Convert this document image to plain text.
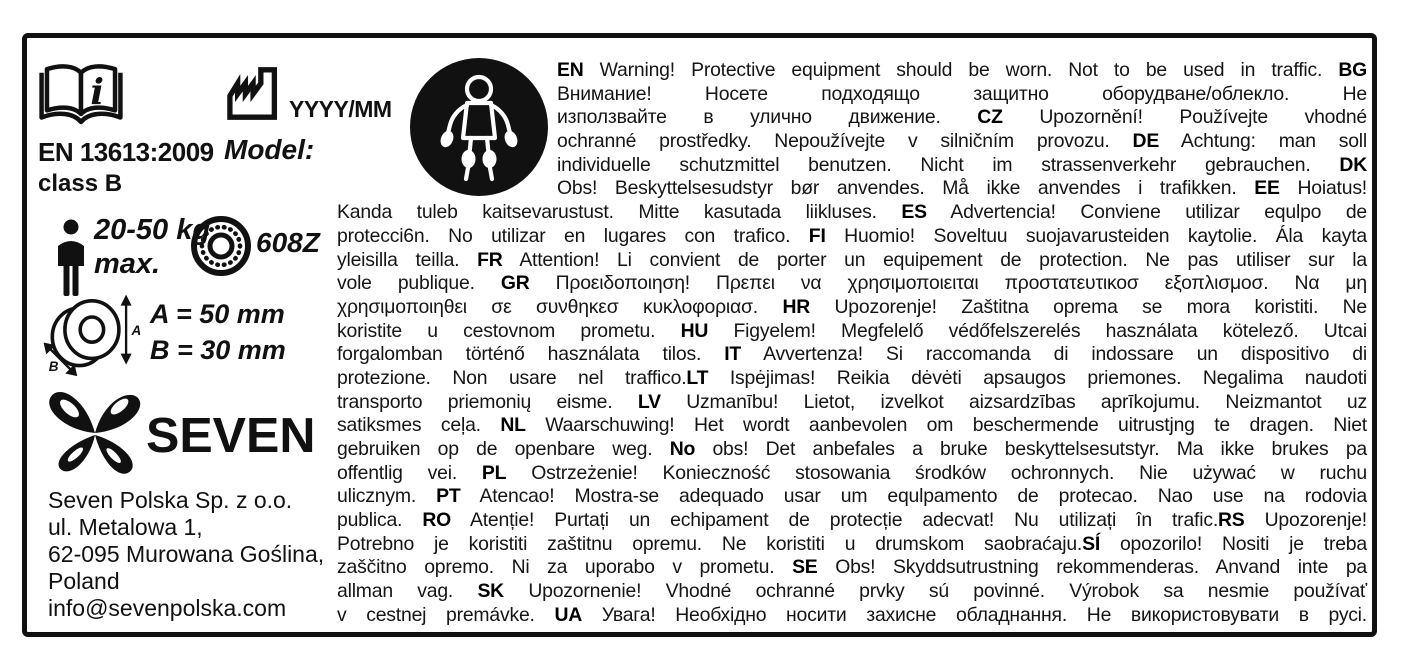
i
EN 13613:2009
class B
YYYY/MM
Model:
20-50 kg
max.
608Z
A
B
A = 50 mm
B = 30 mm
SEVEN
Seven Polska Sp. z o.o.
ul. Metalowa 1,
62-095 Murowana Goślina,
Poland
info@sevenpolska.com
EN Warning! Protective equipment should be worn. Not to be used in traffic. BG
Внимание! Носете подходящо защитно оборудване/облекло. Не
използвайте в улично движение. CZ Upozornění! Používejte vhodné
ochranné prostředky. Nepoužívejte v silničním provozu. DE Achtung: man soll
individuelle schutzmittel benutzen. Nicht im strassenverkehr gebrauchen. DK
Obs! Beskyttelsesudstyr bør anvendes. Må ikke anvendes i trafikken. EE Hoiatus!
Kanda tuleb kaitsevarustust. Mitte kasutada liikluses. ES Advertencia! Conviene utilizar equlpo de
protecci6n. No utilizar en lugares con trafico. FI Huomio! Soveltuu suojavarusteiden kaytolie. Ála kayta
yleisilla teilla. FR Attention! Li convient de porter un equipement de protection. Ne pas utiliser sur la
vole publique. GR Προειδοποιηση! Πρεπει να χρησιμοποιειται προστατευτικοσ εξοπλισμοσ. Να μη
χρησιμοποιηθει σε συνθηκεσ κυκλοφοριασ. HR Upozorenje! Zaštitna oprema se mora koristiti. Ne
koristite u cestovnom prometu. HU Figyelem! Megfelelő védőfelszerelés használata kötelező. Utcai
forgalomban történő használata tilos. IT Avvertenza! Si raccomanda di indossare un dispositivo di
protezione. Non usare nel traffico.LT Ispėjimas! Reikia dėvėti apsaugos priemones. Negalima naudoti
transporto priemonių eisme. LV Uzmanību! Lietot, izvelkot aizsardzības aprīkojumu. Neizmantot uz
satiksmes ceļa. NL Waarschuwing! Het wordt aanbevolen om beschermende uitrustjng te dragen. Niet
gebruiken op de openbare weg. No obs! Det anbefales a bruke beskyttelsesutstyr. Ma ikke brukes pa
offentlig vei. PL Ostrzeżenie! Konieczność stosowania środków ochronnych. Nie używać w ruchu
ulicznym. PT Atencao! Mostra-se adequado usar um equlpamento de protecao. Nao use na rodovia
publica. RO Atenție! Purtați un echipament de protecție adecvat! Nu utilizați în trafic.RS Upozorenje!
Potrebno je koristiti zaštitnu opremu. Ne koristiti u drumskom saobraćaju.SÍ opozorilo! Nositi je treba
zaščitno opremo. Ni za uporabo v prometu. SE Obs! Skyddsutrustning rekommenderas. Anvand inte pa
allman vag. SK Upozornenie! Vhodné ochranné prvky sú povinné. Výrobok sa nesmie používať
v cestnej premávke. UA Увага! Необхідно носити захисне обладнання. Не використовувати в русі.
